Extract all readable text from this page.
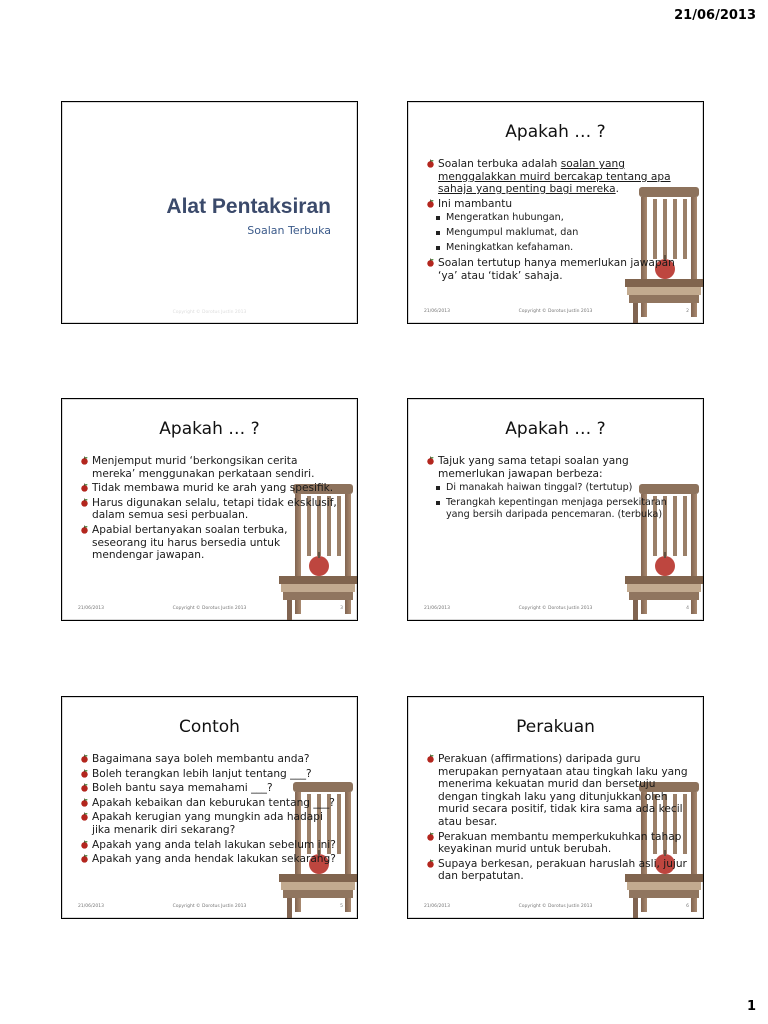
21/06/2013
Alat Pentaksiran
Soalan Terbuka
Copyright © Dorotus Justin 2013
Apakah … ?
Soalan terbuka adalah soalan yang menggalakkan muird bercakap tentang apa sahaja yang penting bagi mereka.
Ini mambantu
Mengeratkan hubungan,
Mengumpul maklumat, dan
Meningkatkan kefahaman.
Soalan tertutup hanya memerlukan jawapan ‘ya’ atau ‘tidak’ sahaja.
21/06/2013	Copyright © Dorotus Justin 2013	2
Apakah … ?
Menjemput murid ‘berkongsikan cerita mereka’ menggunakan perkataan sendiri.
Tidak membawa murid ke arah yang spesifik.
Harus digunakan selalu, tetapi tidak eksklusif, dalam semua sesi perbualan.
Apabial bertanyakan soalan terbuka, seseorang itu harus bersedia untuk mendengar jawapan.
21/06/2013	Copyright © Dorotus Justin 2013	3
Apakah … ?
Tajuk yang sama tetapi soalan yang memerlukan jawapan berbeza:
Di manakah haiwan tinggal? (tertutup)
Terangkah kepentingan menjaga persekitaran yang bersih daripada pencemaran. (terbuka)
21/06/2013	Copyright © Dorotus Justin 2013	4
Contoh
Bagaimana saya boleh membantu anda?
Boleh terangkan lebih lanjut tentang ___?
Boleh bantu saya memahami ___?
Apakah kebaikan dan keburukan tentang ___?
Apakah kerugian yang mungkin ada hadapi jika menarik diri sekarang?
Apakah yang anda telah lakukan sebelum ini?
Apakah yang anda hendak lakukan sekarang?
21/06/2013	Copyright © Dorotus Justin 2013	5
Perakuan
Perakuan (affirmations) daripada guru merupakan pernyataan atau tingkah laku yang menerima kekuatan murid dan bersetuju dengan tingkah laku yang ditunjukkan oleh murid secara positif, tidak kira sama ada kecil atau besar.
Perakuan membantu memperkukuhkan tahap keyakinan murid untuk berubah.
Supaya berkesan, perakuan haruslah asli, jujur dan berpatutan.
21/06/2013	Copyright © Dorotus Justin 2013	6
1
